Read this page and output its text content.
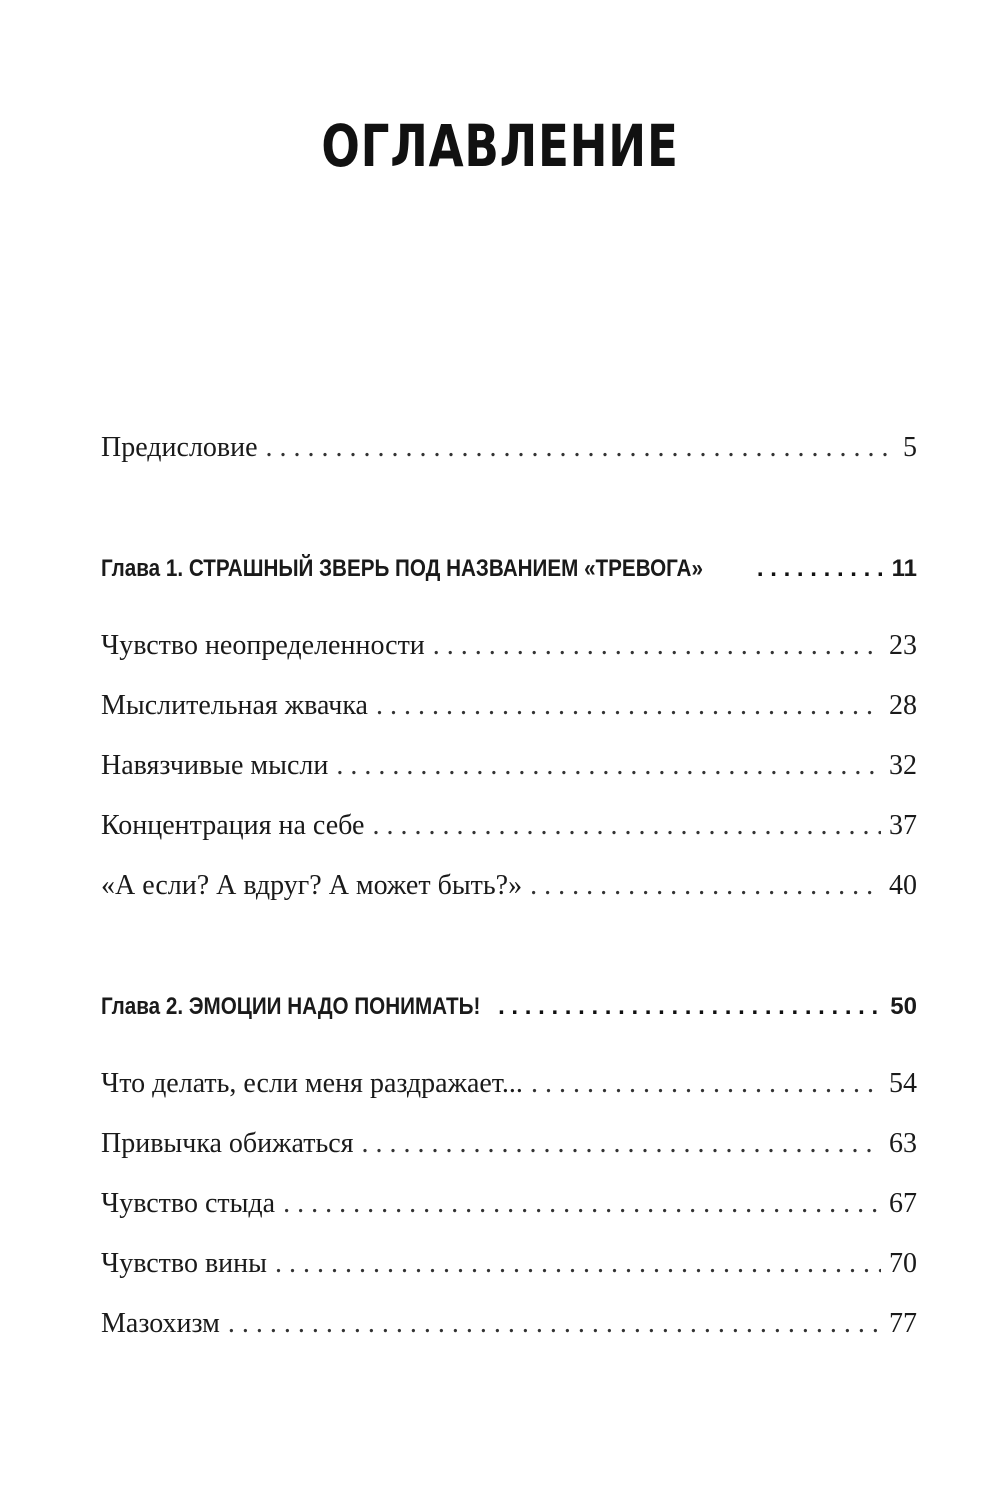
ОГЛАВЛЕНИЕ
Предисловие . . .	5
Глава 1. СТРАШНЫЙ ЗВЕРЬ ПОД НАЗВАНИЕМ «ТРЕВОГА» . . .	11
Чувство неопределенности . . .	23
Мыслительная жвачка . . .	28
Навязчивые мысли . . .	32
Концентрация на себе . . .	37
«А если? А вдруг? А может быть?» . . .	40
Глава 2. ЭМОЦИИ НАДО ПОНИМАТЬ! . . .	50
Что делать, если меня раздражает... . . .	54
Привычка обижаться . . .	63
Чувство стыда . . .	67
Чувство вины . . .	70
Мазохизм . . .	77
